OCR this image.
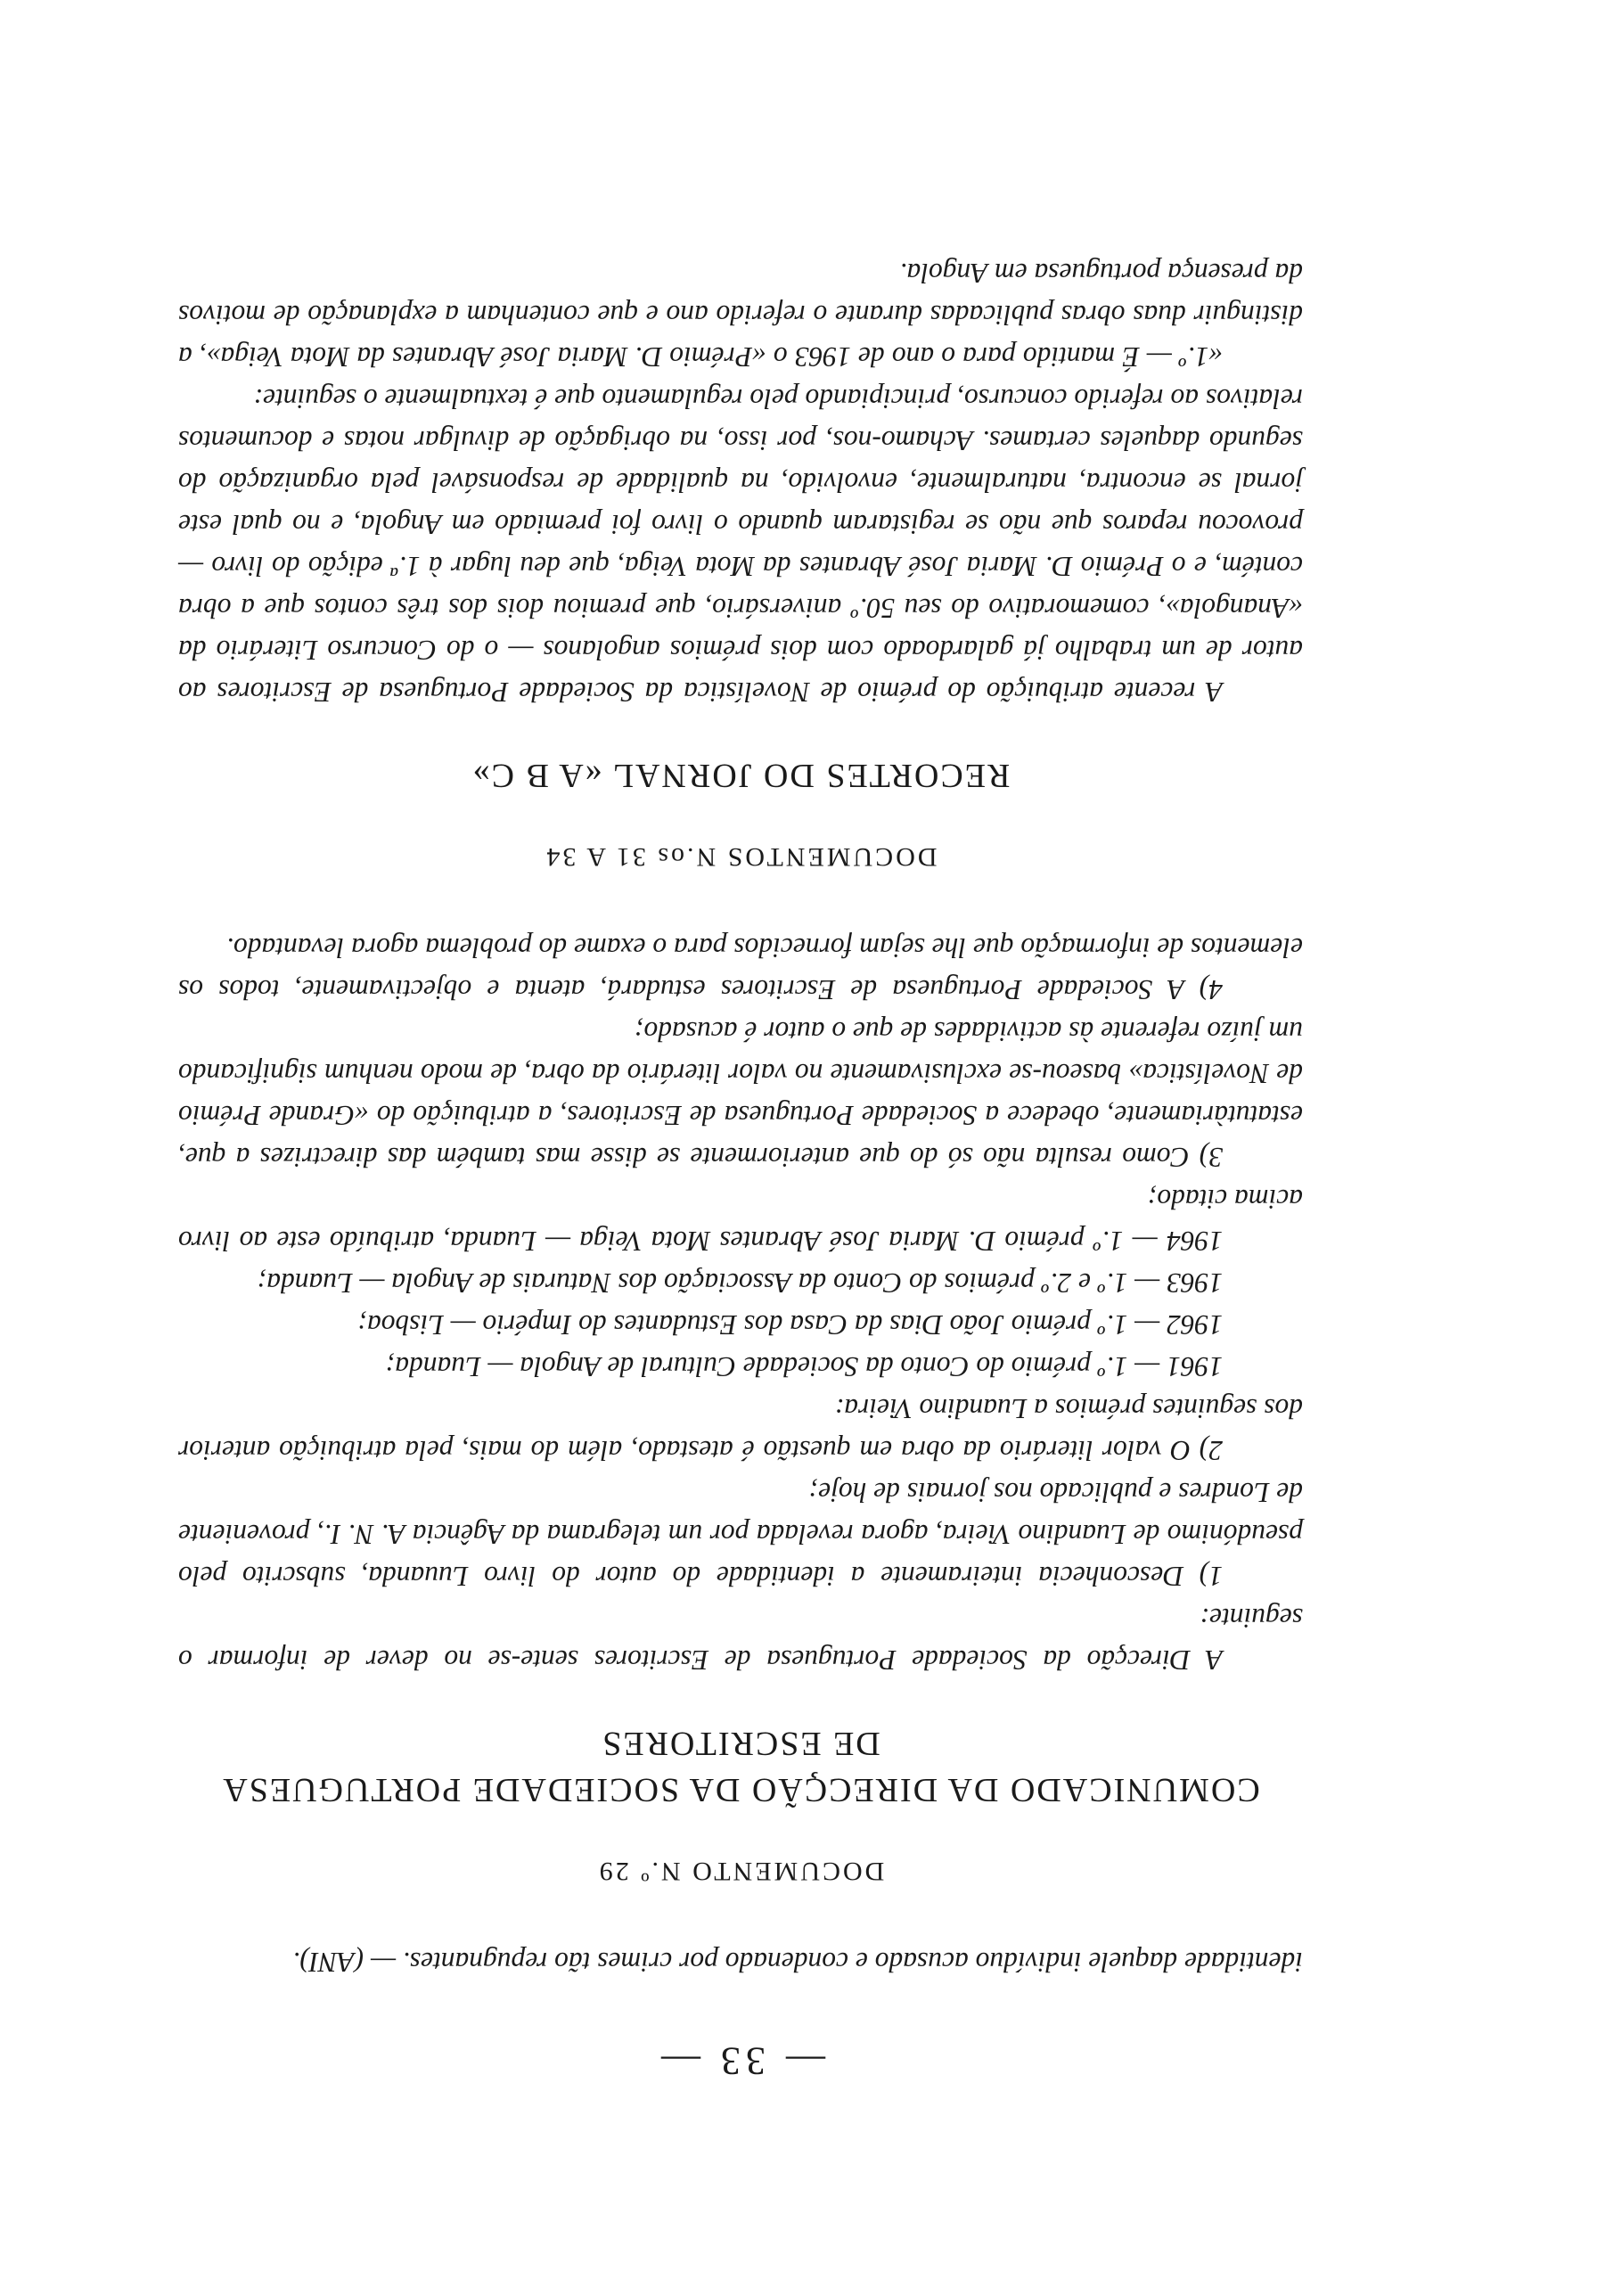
— 33 —

identidade daquele indivíduo acusado e condenado por crimes tão repugnantes. — (ANI).

DOCUMENTO N.º 29
COMUNICADO DA DIRECÇÃO DA SOCIEDADE PORTUGUESA
DE ESCRITORES

A Direcção da Sociedade Portuguesa de Escritores sente-se no dever de informar o seguinte:

1) Desconhecia inteiramente a identidade do autor do livro Luuanda, subscrito pelo pseudónimo de Luandino Vieira, agora revelada por um telegrama da Agência A. N. I., proveniente de Londres e publicado nos jornais de hoje;

2) O valor literário da obra em questão é atestado, além do mais, pela atribuição anterior dos seguintes prémios a Luandino Vieira:

1961 — 1.º prémio do Conto da Sociedade Cultural de Angola — Luanda;

1962 — 1.º prémio João Dias da Casa dos Estudantes do Império — Lisboa;

1963 — 1.º e 2.º prémios do Conto da Associação dos Naturais de Angola — Luanda;

1964 — 1.º prémio D. Maria José Abrantes Mota Veiga — Luanda, atribuído este ao livro acima citado;

3) Como resulta não só do que anteriormente se disse mas também das directrizes a que, estatutàriamente, obedece a Sociedade Portuguesa de Escritores, a atribuição do «Grande Prémio de Novelística» baseou-se exclusivamente no valor literário da obra, de modo nenhum significando um juízo referente às actividades de que o autor é acusado;

4) A Sociedade Portuguesa de Escritores estudará, atenta e objectivamente, todos os elementos de informação que lhe sejam fornecidos para o exame do problema agora levantado.

DOCUMENTOS N.os 31 A 34
RECORTES DO JORNAL «A B C»

A recente atribuição do prémio de Novelística da Sociedade Portuguesa de Escritores ao autor de um trabalho já galardoado com dois prémios angolanos — o do Concurso Literário da «Anangola», comemorativo do seu 50.º aniversário, que premiou dois dos três contos que a obra contém, e o Prémio D. Maria José Abrantes da Mota Veiga, que deu lugar à 1.ª edição do livro — provocou reparos que não se registaram quando o livro foi premiado em Angola, e no qual este jornal se encontra, naturalmente, envolvido, na qualidade de responsável pela organização do segundo daqueles certames. Achamo-nos, por isso, na obrigação de divulgar notas e documentos relativos ao referido concurso, principiando pelo regulamento que é textualmente o seguinte:

«1.º — É mantido para o ano de 1963 o «Prémio D. Maria José Abrantes da Mota Veiga», a distinguir duas obras publicadas durante o referido ano e que contenham a explanação de motivos da presença portuguesa em Angola.
